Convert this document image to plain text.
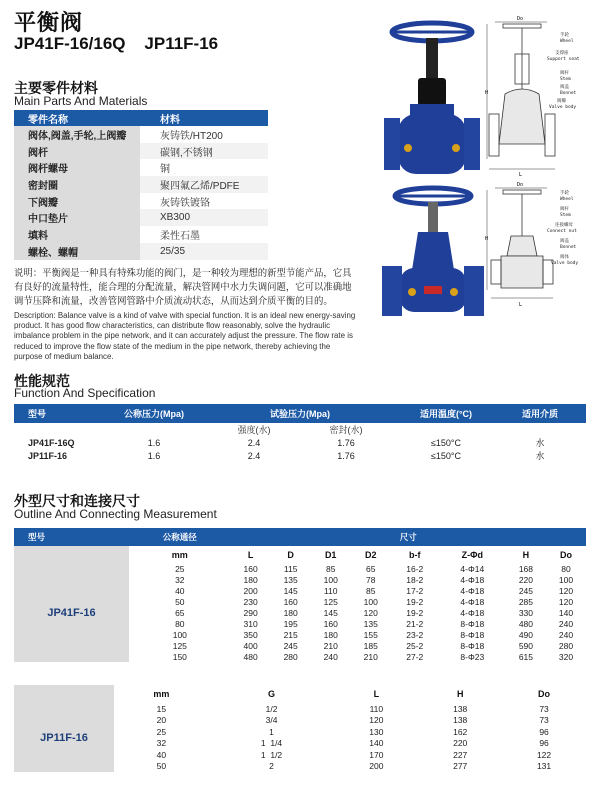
平衡阀
JP41F-16/16Q    JP11F-16
主要零件材料
Main Parts And Materials
零件名称	材料
阀体,阀盖,手轮,上阀瓣	灰铸铁/HT200
阀杆	碳钢,不锈钢
阀杆螺母	铜
密封圈	聚四氟乙烯/PDFE
下阀瓣	灰铸铁镀铬
中口垫片	XB300
填料	柔性石墨
螺栓、螺帽	25/35
说明：平衡阀是一种具有特殊功能的阀门，是一种较为理想的新型节能产品，它具有良好的流量特性，能合理的分配流量，解决管网中水力失调问题，它可以准确地调节压降和流量，改善管网管路中介质流动状态，从而达到介质平衡的目的。
Description: Balance valve is a kind of valve with special function. It is an ideal new energy-saving product. It has good flow characteristics, can distribute flow reasonably, solve the hydraulic imbalance problem in the pipe network, and it can accurately adjust the pressure. The flow rate is reduced to improve the flow state of the medium in the pipe network, thereby achieving the purpose of medium balance.
Do
L
H
手轮
Wheel
支撑座
Support seat
阀杆
Stem
阀盖
Bonnet
阀瓣
Valve body
Do
L
H
手轮
Wheel
阀杆
Stem
连接螺母
Connect nut
阀盖
Bonnet
阀体
Valve body
性能规范
Function And Specification
型号	公称压力(Mpa)	试验压力(Mpa)	适用温度(°C)	适用介质
		强度(水) 密封(水)		
JP41F-16Q	1.6	2.4 1.76	≤150°C	水
JP11F-16	1.6	2.4 1.76	≤150°C	水
外型尺寸和连接尺寸
Outline And Connecting Measurement
型号	公称通径	尺寸							
	mm	L	D	D1	D2	b-f	Z-Φd	H	Do
JP41F-16	25	160	115	85	65	16-2	4-Φ14	168	80
	32	180	135	100	78	18-2	4-Φ18	220	100
	40	200	145	110	85	17-2	4-Φ18	245	120
	50	230	160	125	100	19-2	4-Φ18	285	120
	65	290	180	145	120	19-2	4-Φ18	330	140
	80	310	195	160	135	21-2	8-Φ18	480	240
	100	350	215	180	155	23-2	8-Φ18	490	240
	125	400	245	210	185	25-2	8-Φ18	590	280
	150	480	280	240	210	27-2	8-Φ23	615	320
	mm	G	L	H	Do
JP11F-16	15	1/2	110	138	73
	20	3/4	120	138	73
	25	1	130	162	96
	32	1  1/4	140	220	96
	40	1  1/2	170	227	122
	50	2	200	277	131
